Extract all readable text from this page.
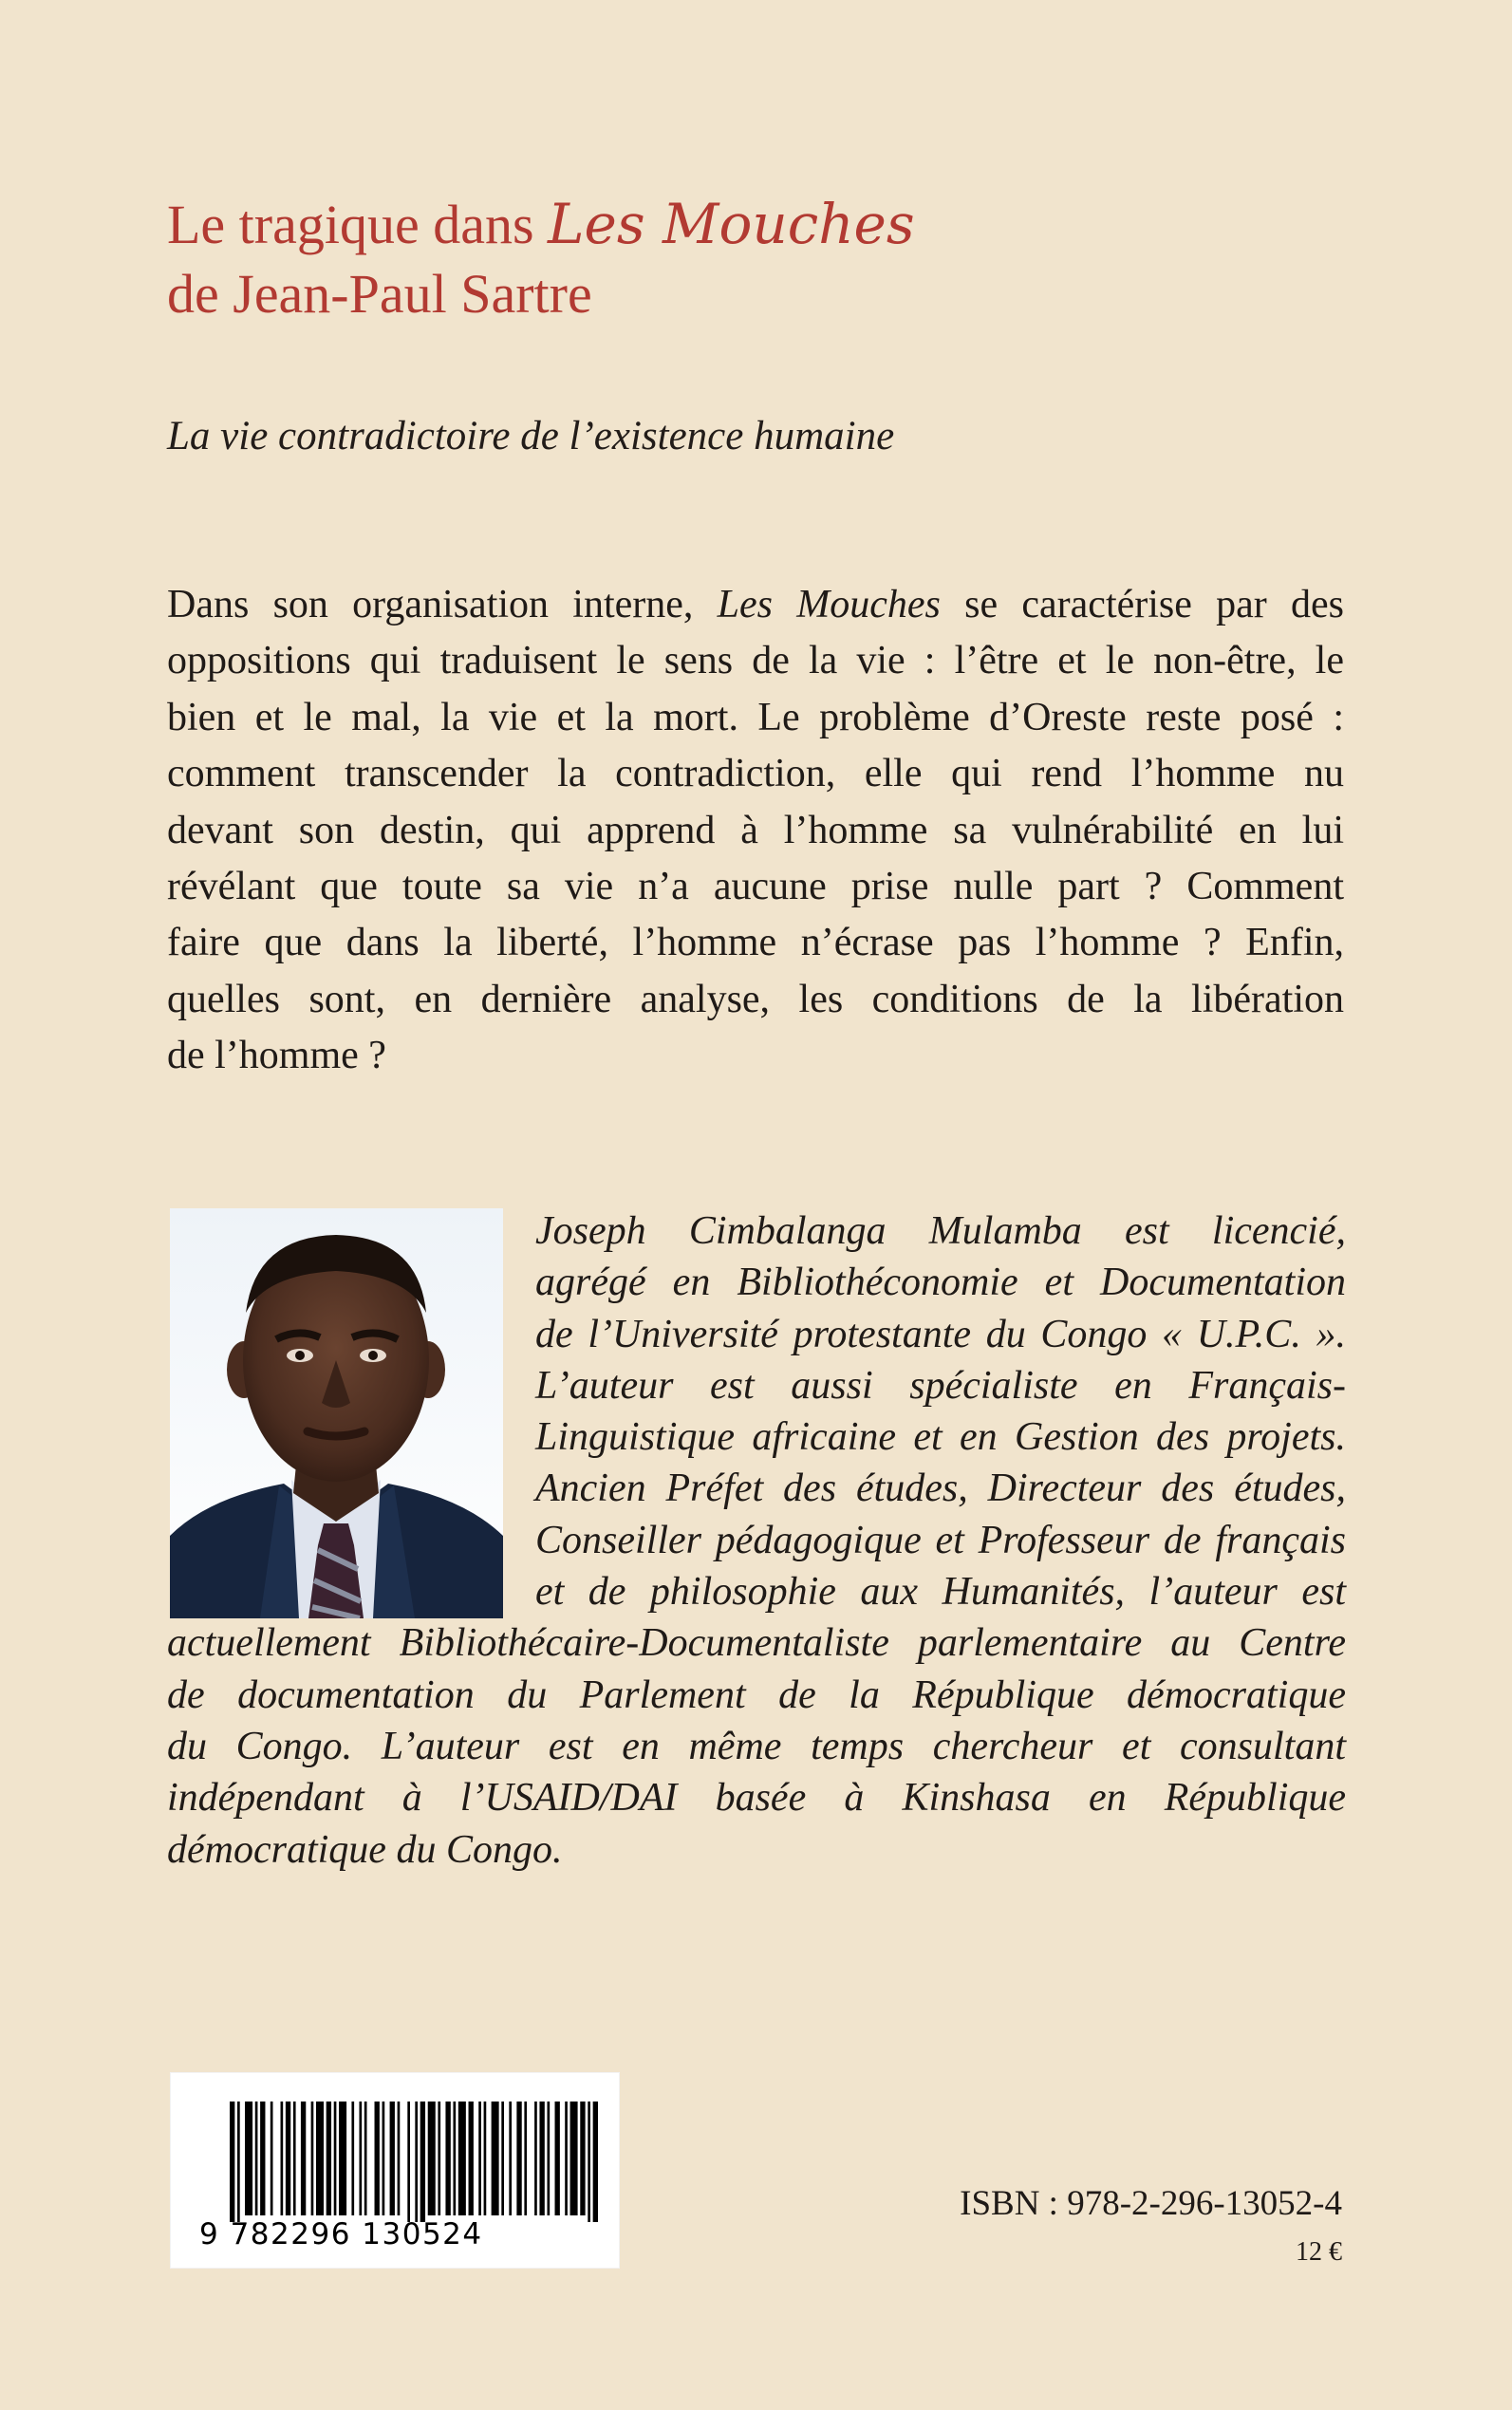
Le tragique dans Les Mouches
de Jean-Paul Sartre

La vie contradictoire de l’existence humaine

Dans son organisation interne, Les Mouches se caractérise par des
oppositions qui traduisent le sens de la vie : l’être et le non-être, le
bien et le mal, la vie et la mort. Le problème d’Oreste reste posé :
comment transcender la contradiction, elle qui rend l’homme nu
devant son destin, qui apprend à l’homme sa vulnérabilité en lui
révélant que toute sa vie n’a aucune prise nulle part ? Comment
faire que dans la liberté, l’homme n’écrase pas l’homme ? Enfin,
quelles sont, en dernière analyse, les conditions de la libération
de l’homme ?
Joseph Cimbalanga Mulamba est licencié,
agrégé en Bibliothéconomie et Documentation
de l’Université protestante du Congo « U.P.C. ».
L’auteur est aussi spécialiste en Français-
Linguistique africaine et en Gestion des projets.
Ancien Préfet des études, Directeur des études,
Conseiller pédagogique et Professeur de français
et de philosophie aux Humanités, l’auteur est
actuellement Bibliothécaire-Documentaliste parlementaire au Centre
de documentation du Parlement de la République démocratique
du Congo. L’auteur est en même temps chercheur et consultant
indépendant à l’USAID/DAI basée à Kinshasa en République
démocratique du Congo.
9 782296 130524

ISBN : 978-2-296-13052-4

12 €
